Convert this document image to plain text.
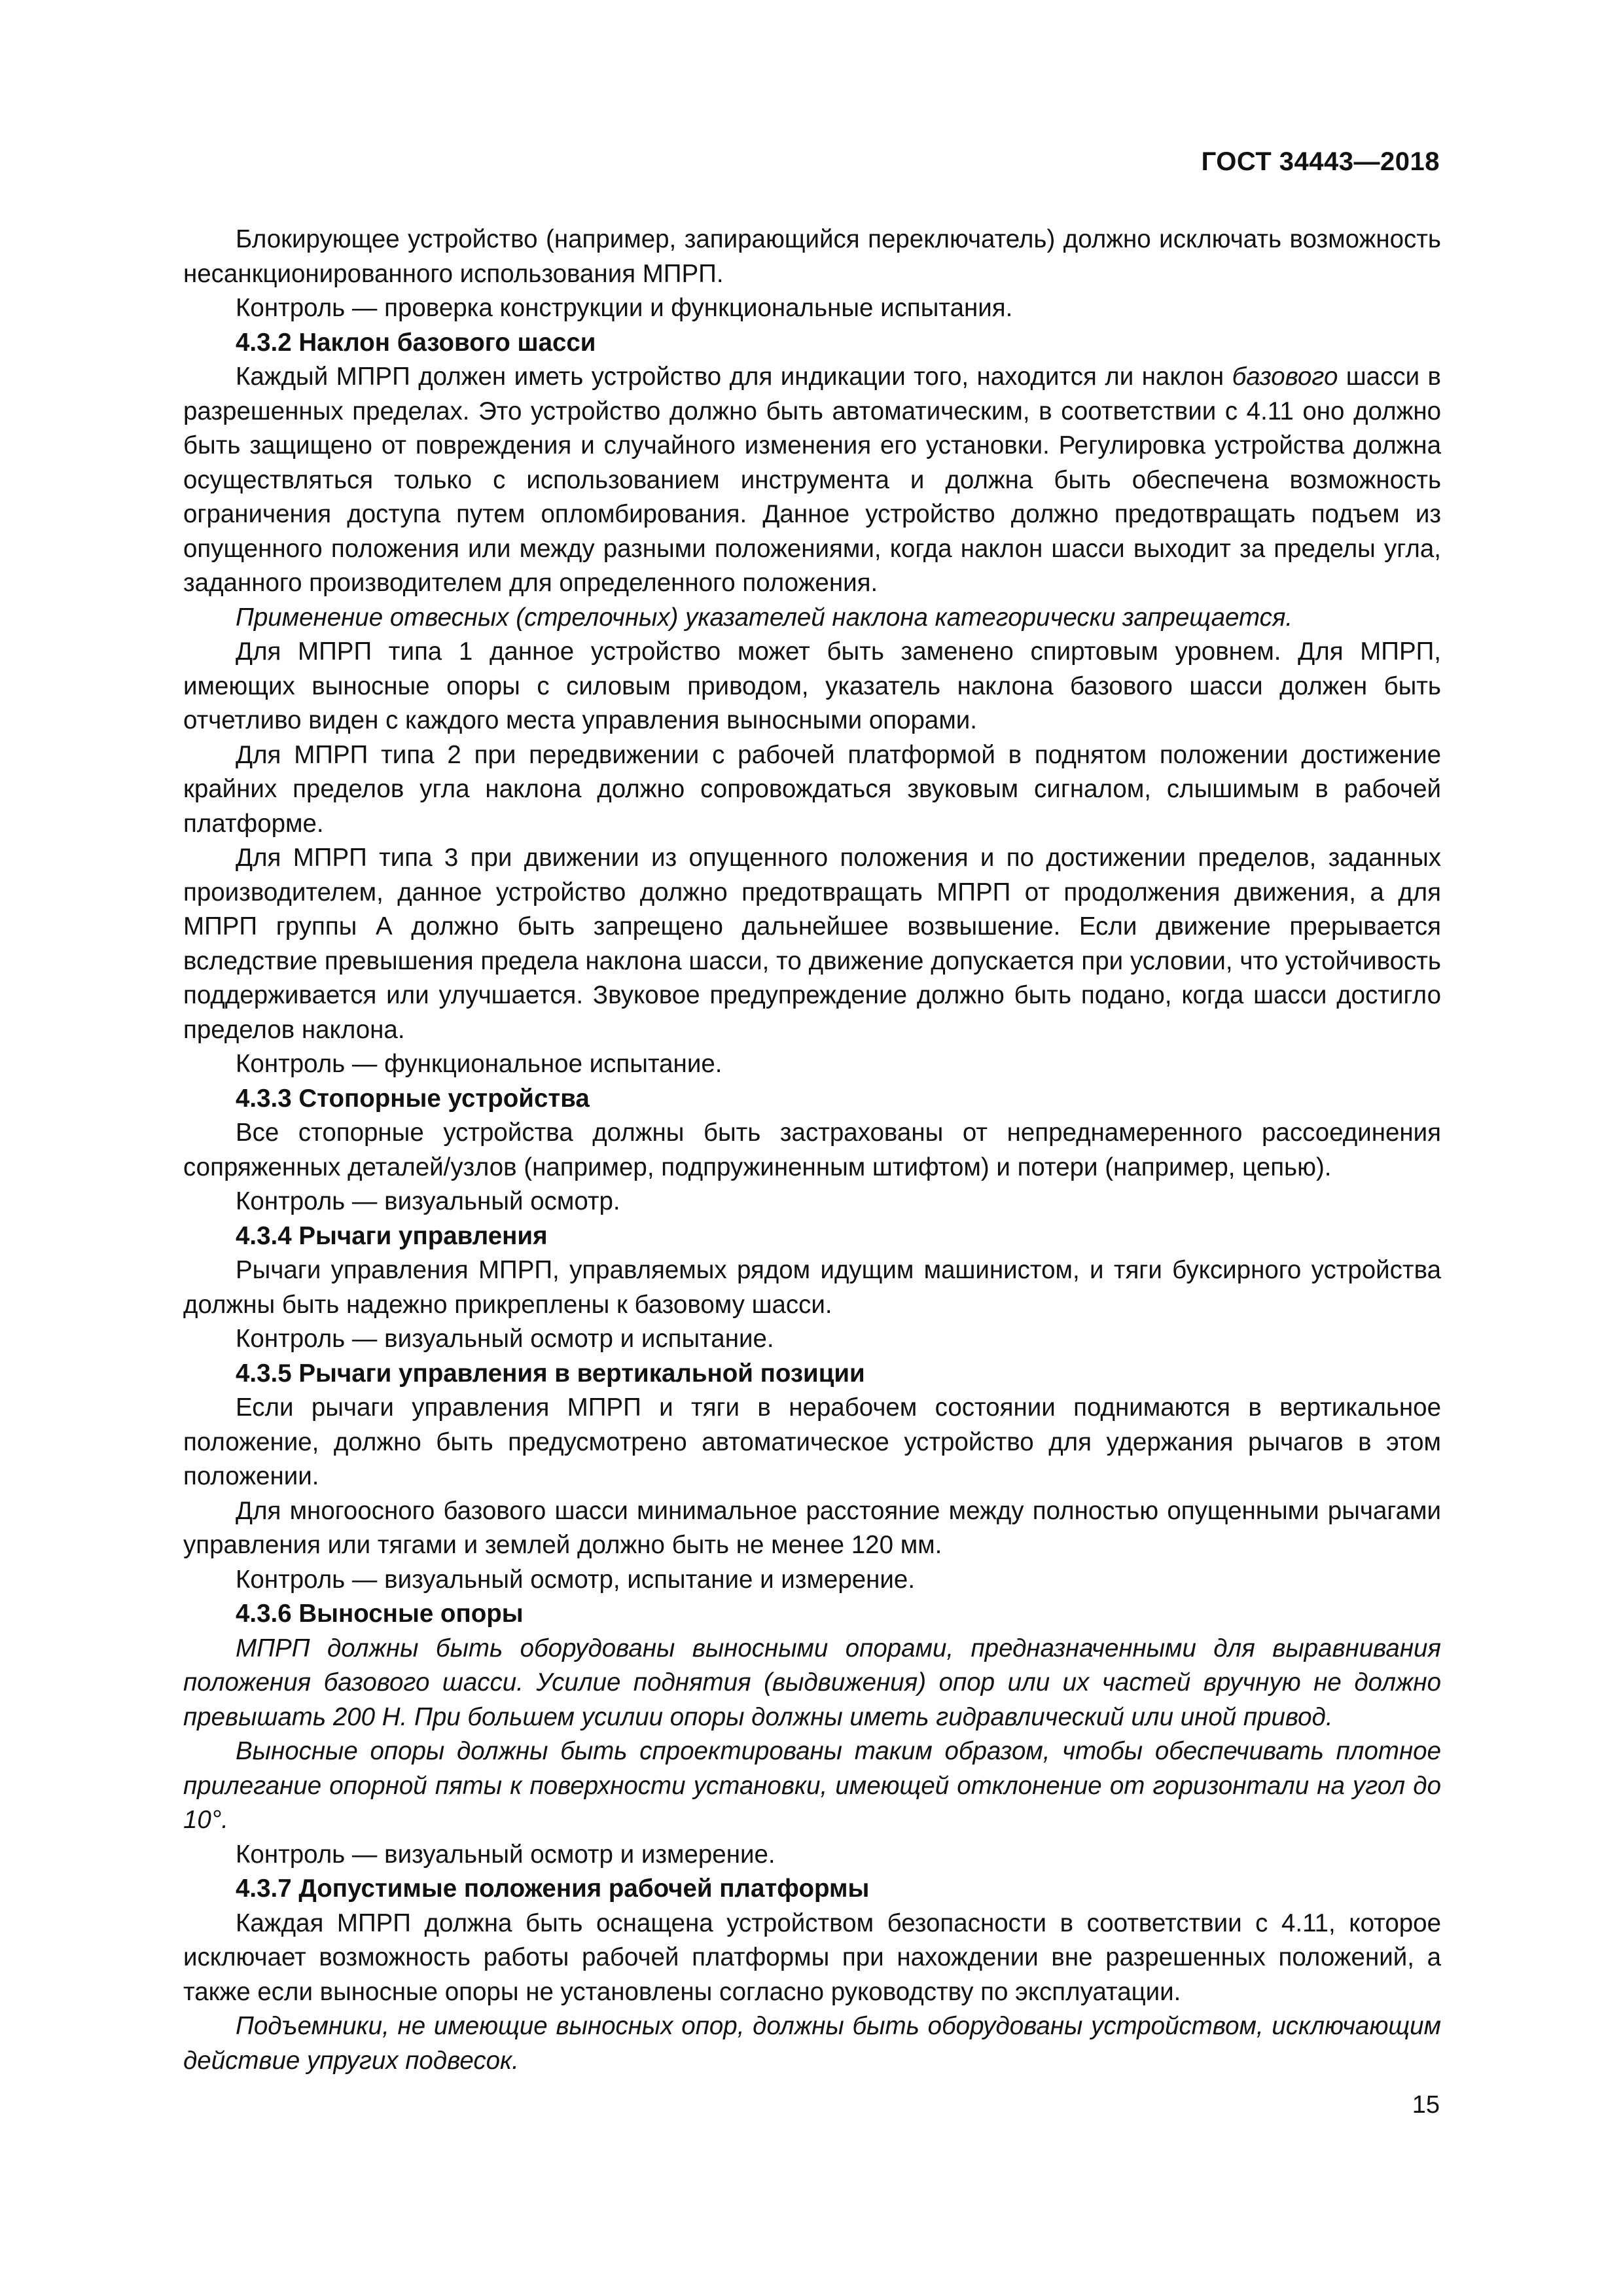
ГОСТ 34443—2018

Блокирующее устройство (например, запирающийся переключатель) должно исключать возможность несанкционированного использования МПРП.

Контроль — проверка конструкции и функциональные испытания.

4.3.2 Наклон базового шасси

Каждый МПРП должен иметь устройство для индикации того, находится ли наклон базового шасси в разрешенных пределах. Это устройство должно быть автоматическим, в соответствии с 4.11 оно должно быть защищено от повреждения и случайного изменения его установки. Регулировка устройства должна осуществляться только с использованием инструмента и должна быть обеспечена возможность ограничения доступа путем опломбирования. Данное устройство должно предотвращать подъем из опущенного положения или между разными положениями, когда наклон шасси выходит за пределы угла, заданного производителем для определенного положения.

Применение отвесных (стрелочных) указателей наклона категорически запрещается.

Для МПРП типа 1 данное устройство может быть заменено спиртовым уровнем. Для МПРП, имеющих выносные опоры с силовым приводом, указатель наклона базового шасси должен быть отчетливо виден с каждого места управления выносными опорами.

Для МПРП типа 2 при передвижении с рабочей платформой в поднятом положении достижение крайних пределов угла наклона должно сопровождаться звуковым сигналом, слышимым в рабочей платформе.

Для МПРП типа 3 при движении из опущенного положения и по достижении пределов, заданных производителем, данное устройство должно предотвращать МПРП от продолжения движения, а для МПРП группы А должно быть запрещено дальнейшее возвышение. Если движение прерывается вследствие превышения предела наклона шасси, то движение допускается при условии, что устойчивость поддерживается или улучшается. Звуковое предупреждение должно быть подано, когда шасси достигло пределов наклона.

Контроль — функциональное испытание.

4.3.3 Стопорные устройства

Все стопорные устройства должны быть застрахованы от непреднамеренного рассоединения сопряженных деталей/узлов (например, подпружиненным штифтом) и потери (например, цепью).

Контроль — визуальный осмотр.

4.3.4 Рычаги управления

Рычаги управления МПРП, управляемых рядом идущим машинистом, и тяги буксирного устройства должны быть надежно прикреплены к базовому шасси.

Контроль — визуальный осмотр и испытание.

4.3.5 Рычаги управления в вертикальной позиции

Если рычаги управления МПРП и тяги в нерабочем состоянии поднимаются в вертикальное положение, должно быть предусмотрено автоматическое устройство для удержания рычагов в этом положении.

Для многоосного базового шасси минимальное расстояние между полностью опущенными рычагами управления или тягами и землей должно быть не менее 120 мм.

Контроль — визуальный осмотр, испытание и измерение.

4.3.6 Выносные опоры

МПРП должны быть оборудованы выносными опорами, предназначенными для выравнивания положения базового шасси. Усилие поднятия (выдвижения) опор или их частей вручную не должно превышать 200 Н. При большем усилии опоры должны иметь гидравлический или иной привод.

Выносные опоры должны быть спроектированы таким образом, чтобы обеспечивать плотное прилегание опорной пяты к поверхности установки, имеющей отклонение от горизонтали на угол до 10°.

Контроль — визуальный осмотр и измерение.

4.3.7 Допустимые положения рабочей платформы

Каждая МПРП должна быть оснащена устройством безопасности в соответствии с 4.11, которое исключает возможность работы рабочей платформы при нахождении вне разрешенных положений, а также если выносные опоры не установлены согласно руководству по эксплуатации.

Подъемники, не имеющие выносных опор, должны быть оборудованы устройством, исключающим действие упругих подвесок.

15
